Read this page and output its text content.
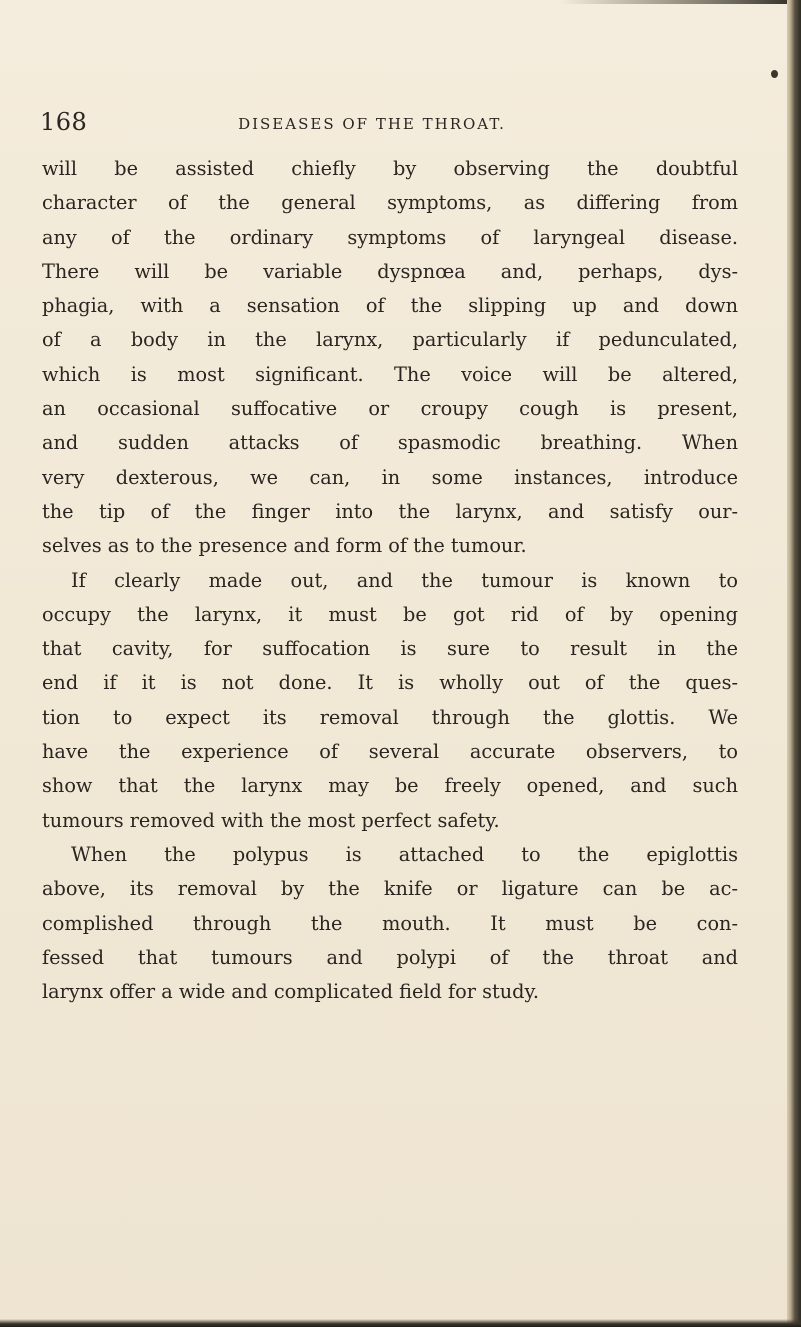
168	DISEASES OF THE THROAT.
will be assisted chiefly by observing the doubtful
character of the general symptoms, as differing from
any of the ordinary symptoms of laryngeal disease.
There will be variable dyspnœa and, perhaps, dys-
phagia, with a sensation of the slipping up and down
of a body in the larynx, particularly if pedunculated,
which is most significant. The voice will be altered,
an occasional suffocative or croupy cough is present,
and sudden attacks of spasmodic breathing. When
very dexterous, we can, in some instances, introduce
the tip of the finger into the larynx, and satisfy our-
selves as to the presence and form of the tumour.
If clearly made out, and the tumour is known to
occupy the larynx, it must be got rid of by opening
that cavity, for suffocation is sure to result in the
end if it is not done. It is wholly out of the ques-
tion to expect its removal through the glottis. We
have the experience of several accurate observers, to
show that the larynx may be freely opened, and such
tumours removed with the most perfect safety.
When the polypus is attached to the epiglottis
above, its removal by the knife or ligature can be ac-
complished through the mouth. It must be con-
fessed that tumours and polypi of the throat and
larynx offer a wide and complicated field for study.
